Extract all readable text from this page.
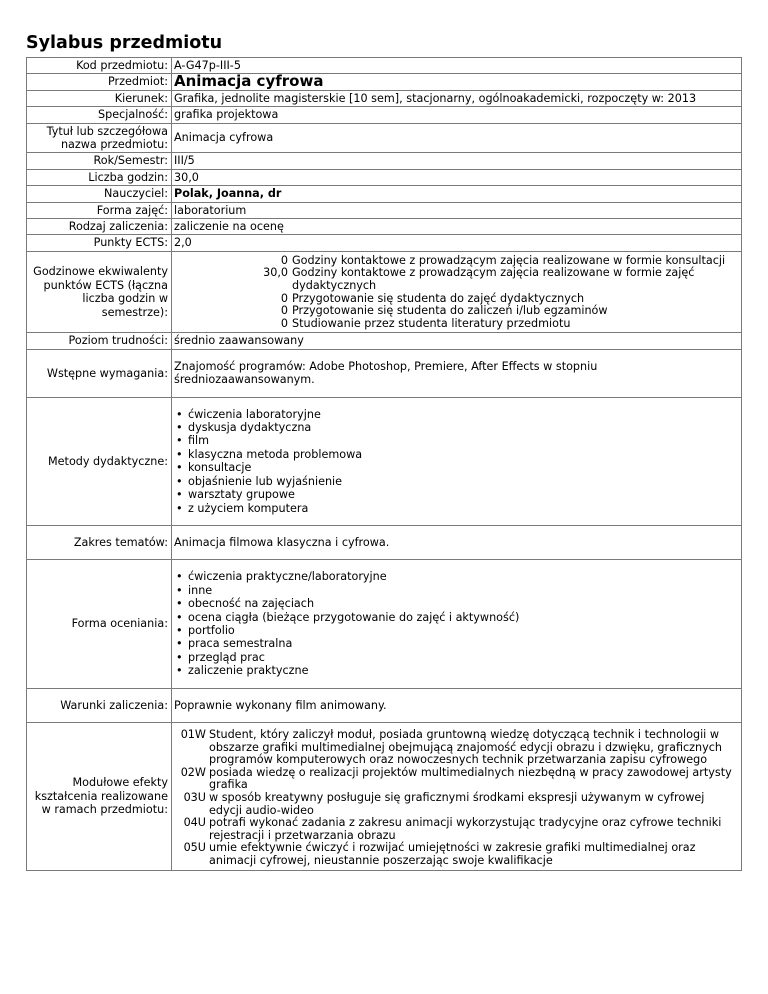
Sylabus przedmiotu
Kod przedmiotu:	A-G47p-III-5
Przedmiot:	Animacja cyfrowa
Kierunek:	Grafika, jednolite magisterskie [10 sem], stacjonarny, ogólnoakademicki, rozpoczęty w: 2013
Specjalność:	grafika projektowa
Tytuł lub szczegółowa nazwa przedmiotu:	Animacja cyfrowa
Rok/Semestr:	III/5
Liczba godzin:	30,0
Nauczyciel:	Polak, Joanna, dr
Forma zajęć:	laboratorium
Rodzaj zaliczenia:	zaliczenie na ocenę
Punkty ECTS:	2,0
Godzinowe ekwiwalenty punktów ECTS (łączna liczba godzin w semestrze):	
0	Godziny kontaktowe z prowadzącym zajęcia realizowane w formie konsultacji
30,0	Godziny kontaktowe z prowadzącym zajęcia realizowane w formie zajęć dydaktycznych
0	Przygotowanie się studenta do zajęć dydaktycznych
0	Przygotowanie się studenta do zaliczeń i/lub egzaminów
0	Studiowanie przez studenta literatury przedmiotu

Poziom trudności:	średnio zaawansowany
Wstępne wymagania:	Znajomość programów: Adobe Photoshop, Premiere, After Effects w stopniu średniozaawansowanym.
Metody dydaktyczne:	
• ćwiczenia laboratoryjne
• dyskusja dydaktyczna
• film
• klasyczna metoda problemowa
• konsultacje
• objaśnienie lub wyjaśnienie
• warsztaty grupowe
• z użyciem komputera

Zakres tematów:	Animacja filmowa klasyczna i cyfrowa.
Forma oceniania:	
• ćwiczenia praktyczne/laboratoryjne
• inne
• obecność na zajęciach
• ocena ciągła (bieżące przygotowanie do zajęć i aktywność)
• portfolio
• praca semestralna
• przegląd prac
• zaliczenie praktyczne

Warunki zaliczenia:	Poprawnie wykonany film animowany.
Modułowe efekty kształcenia realizowane w ramach przedmiotu:	
01W	Student, który zaliczył moduł, posiada gruntowną wiedzę dotyczącą technik i technologii w obszarze grafiki multimedialnej obejmującą znajomość edycji obrazu i dzwięku, graficznych programów komputerowych oraz nowoczesnych technik przetwarzania zapisu cyfrowego
02W	posiada wiedzę o realizacji projektów multimedialnych niezbędną w pracy zawodowej artysty grafika
03U	w sposób kreatywny posługuje się graficznymi środkami ekspresji używanym w cyfrowej edycji audio-wideo
04U	potrafi wykonać zadania z zakresu animacji wykorzystując tradycyjne oraz cyfrowe techniki rejestracji i przetwarzania obrazu
05U	umie efektywnie ćwiczyć i rozwijać umiejętności w zakresie grafiki multimedialnej oraz animacji cyfrowej, nieustannie poszerzając swoje kwalifikacje
